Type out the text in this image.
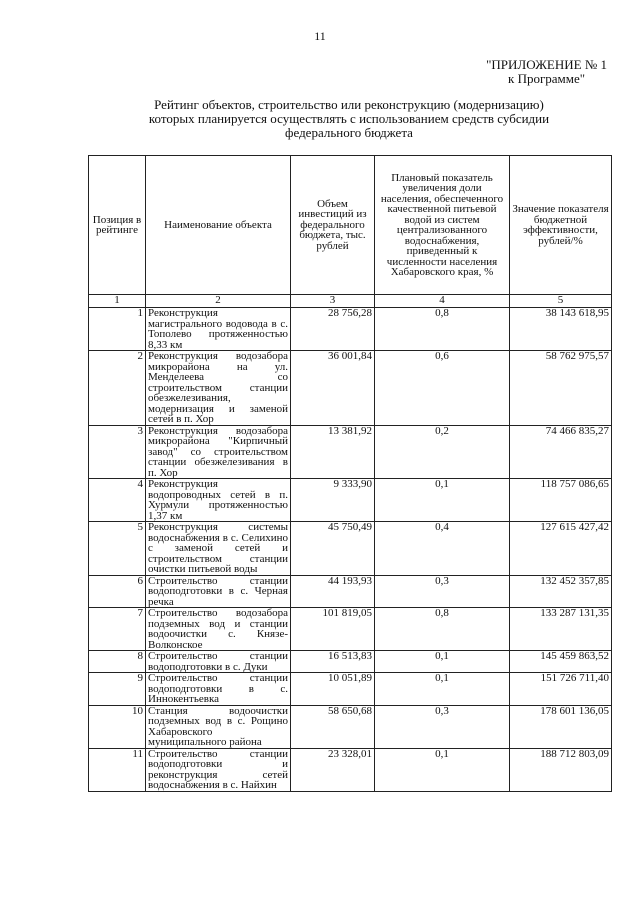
11
"ПРИЛОЖЕНИЕ № 1
к Программе"
Рейтинг объектов, строительство или реконструкцию (модернизацию)
которых планируется осуществлять с использованием средств субсидии
федерального бюджета
Позиция в рейтинге	Наименование объекта	Объем инвестиций из федерального бюджета, тыс. рублей	Плановый показатель увеличения доли населения, обеспеченного качественной питьевой водой из систем централизованного водоснабжения, приведенный к численности населения Хабаровского края, %	Значение показателя бюджетной эффективности, рублей/%
1	2	3	4	5
1	Реконструкция магистрального водовода в с. Тополево протяженностью 8,33 км	28 756,28	0,8	38 143 618,95
2	Реконструкция водозабора микрорайона на ул. Менделеева со строительством станции обезжелезивания, модернизация и заменой сетей в п. Хор	36 001,84	0,6	58 762 975,57
3	Реконструкция водозабора микрорайона "Кирпичный завод" со строительством станции обезжелезивания в п. Хор	13 381,92	0,2	74 466 835,27
4	Реконструкция водопроводных сетей в п. Хурмули протяженностью 1,37 км	9 333,90	0,1	118 757 086,65
5	Реконструкция системы водоснабжения в с. Селихино с заменой сетей и строительством станции очистки питьевой воды	45 750,49	0,4	127 615 427,42
6	Строительство станции водоподготовки в с. Черная речка	44 193,93	0,3	132 452 357,85
7	Строительство водозабора подземных вод и станции водоочистки с. Князе-Волконское	101 819,05	0,8	133 287 131,35
8	Строительство станции водоподготовки в с. Дуки	16 513,83	0,1	145 459 863,52
9	Строительство станции водоподготовки в с. Иннокентьевка	10 051,89	0,1	151 726 711,40
10	Станция водоочистки подземных вод в с. Рощино Хабаровского муниципального района	58 650,68	0,3	178 601 136,05
11	Строительство станции водоподготовки и реконструкция сетей водоснабжения в с. Найхин	23 328,01	0,1	188 712 803,09
